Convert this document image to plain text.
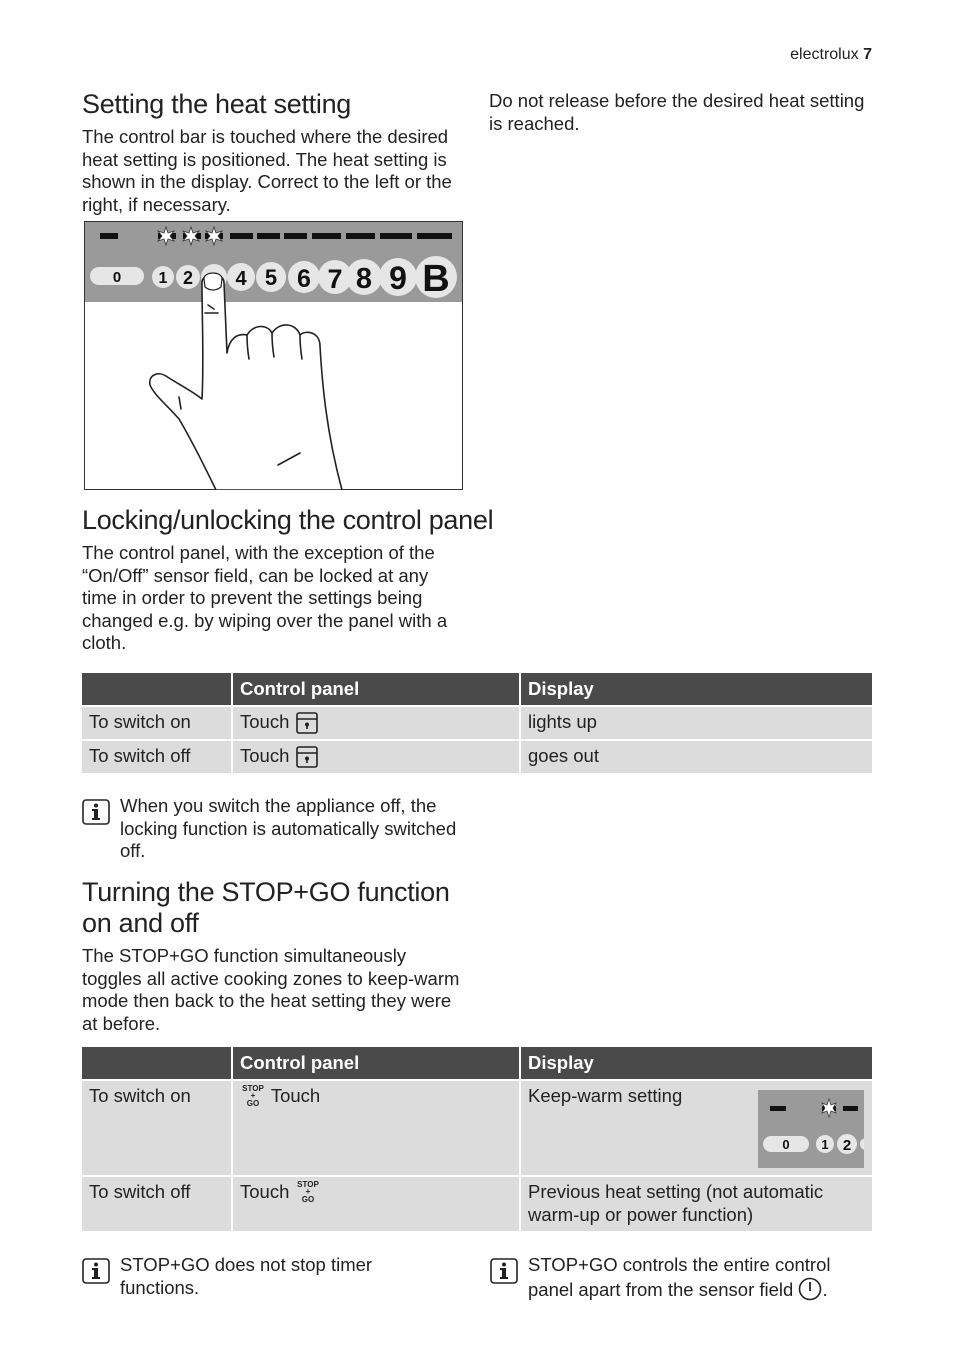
electrolux 7
Setting the heat setting

The control bar is touched where the desired heat setting is positioned. The heat setting is shown in the display. Correct to the left or the right, if necessary.

Do not release before the desired heat setting is reached.

0 1 2 4 5 6 7 8 9 B
Locking/unlocking the control panel

The control panel, with the exception of the “On/Off” sensor field, can be locked at any time in order to prevent the settings being changed e.g. by wiping over the panel with a cloth.

	Control panel	Display
To switch on	Touch	lights up
To switch off	Touch	goes out

When you switch the appliance off, the locking function is automatically switched off.

Turning the STOP+GO function
on and off

The STOP+GO function simultaneously toggles all active cooking zones to keep-warm mode then back to the heat setting they were at before.

	Control panel	Display
To switch on	STOP
+
GO Touch	Keep-warm setting
0 1 2

To switch off	Touch STOP
+
GO	Previous heat setting (not automatic warm-up or power function)

STOP+GO does not stop timer functions.

STOP+GO controls the entire control panel apart from the sensor field .
